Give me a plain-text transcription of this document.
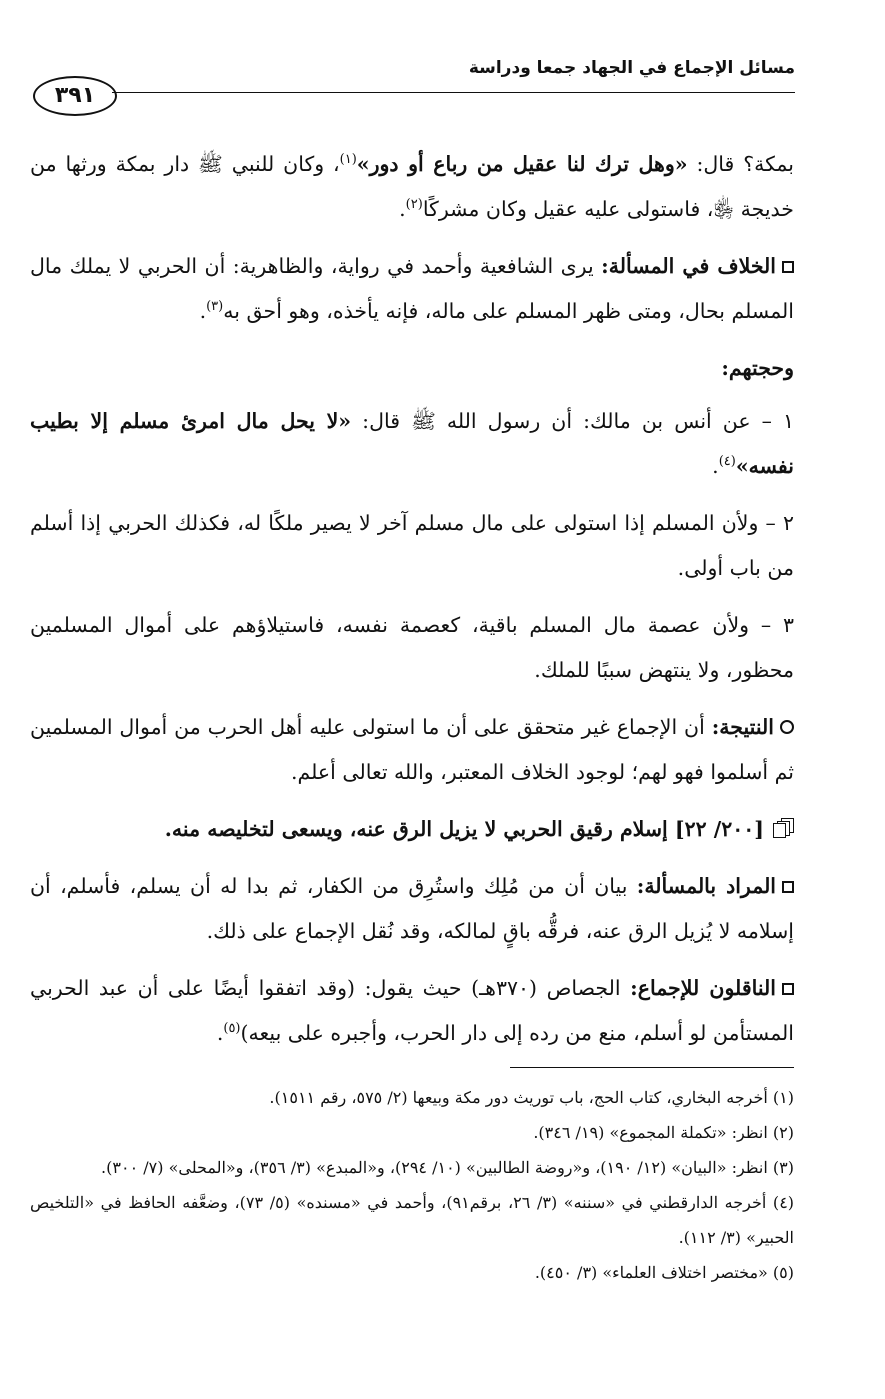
مسائل الإجماع في الجهاد جمعا ودراسة
٣٩١

بمكة؟ قال: «وهل ترك لنا عقيل من رباع أو دور»$^{(١)}$، وكان للنبي ﷺ دار بمكة ورثها من خديجة ﵂، فاستولى عليه عقيل وكان مشركًا$^{(٢)}$.

الخلاف في المسألة: يرى الشافعية وأحمد في رواية، والظاهرية: أن الحربي لا يملك مال المسلم بحال، ومتى ظهر المسلم على ماله، فإنه يأخذه، وهو أحق به$^{(٣)}$.

وحجتهم:

١ – عن أنس بن مالك: أن رسول الله ﷺ قال: «لا يحل مال امرئ مسلم إلا بطيب نفسه»$^{(٤)}$.

٢ – ولأن المسلم إذا استولى على مال مسلم آخر لا يصير ملكًا له، فكذلك الحربي إذا أسلم من باب أولى.

٣ – ولأن عصمة مال المسلم باقية، كعصمة نفسه، فاستيلاؤهم على أموال المسلمين محظور، ولا ينتهض سببًا للملك.

النتيجة: أن الإجماع غير متحقق على أن ما استولى عليه أهل الحرب من أموال المسلمين ثم أسلموا فهو لهم؛ لوجود الخلاف المعتبر، والله تعالى أعلم.

[٢٠٠/ ٢٢] إسلام رقيق الحربي لا يزيل الرق عنه، ويسعى لتخليصه منه.

المراد بالمسألة: بيان أن من مُلِك واستُرِق من الكفار، ثم بدا له أن يسلم، فأسلم، أن إسلامه لا يُزيل الرق عنه، فرقُّه باقٍ لمالكه، وقد نُقل الإجماع على ذلك.

الناقلون للإجماع: الجصاص (٣٧٠هـ) حيث يقول: (وقد اتفقوا أيضًا على أن عبد الحربي المستأمن لو أسلم، منع من رده إلى دار الحرب، وأجبره على بيعه)$^{(٥)}$.

(١) أخرجه البخاري، كتاب الحج، باب توريث دور مكة وبيعها (٢/ ٥٧٥، رقم ١٥١١).

(٢) انظر: «تكملة المجموع» (١٩/ ٣٤٦).

(٣) انظر: «البيان» (١٢/ ١٩٠)، و«روضة الطالبين» (١٠/ ٢٩٤)، و«المبدع» (٣/ ٣٥٦)، و«المحلى» (٧/ ٣٠٠).

(٤) أخرجه الدارقطني في «سننه» (٣/ ٢٦، برقم٩١)، وأحمد في «مسنده» (٥/ ٧٣)، وضعَّفه الحافظ في «التلخيص الحبير» (٣/ ١١٢).

(٥) «مختصر اختلاف العلماء» (٣/ ٤٥٠).
